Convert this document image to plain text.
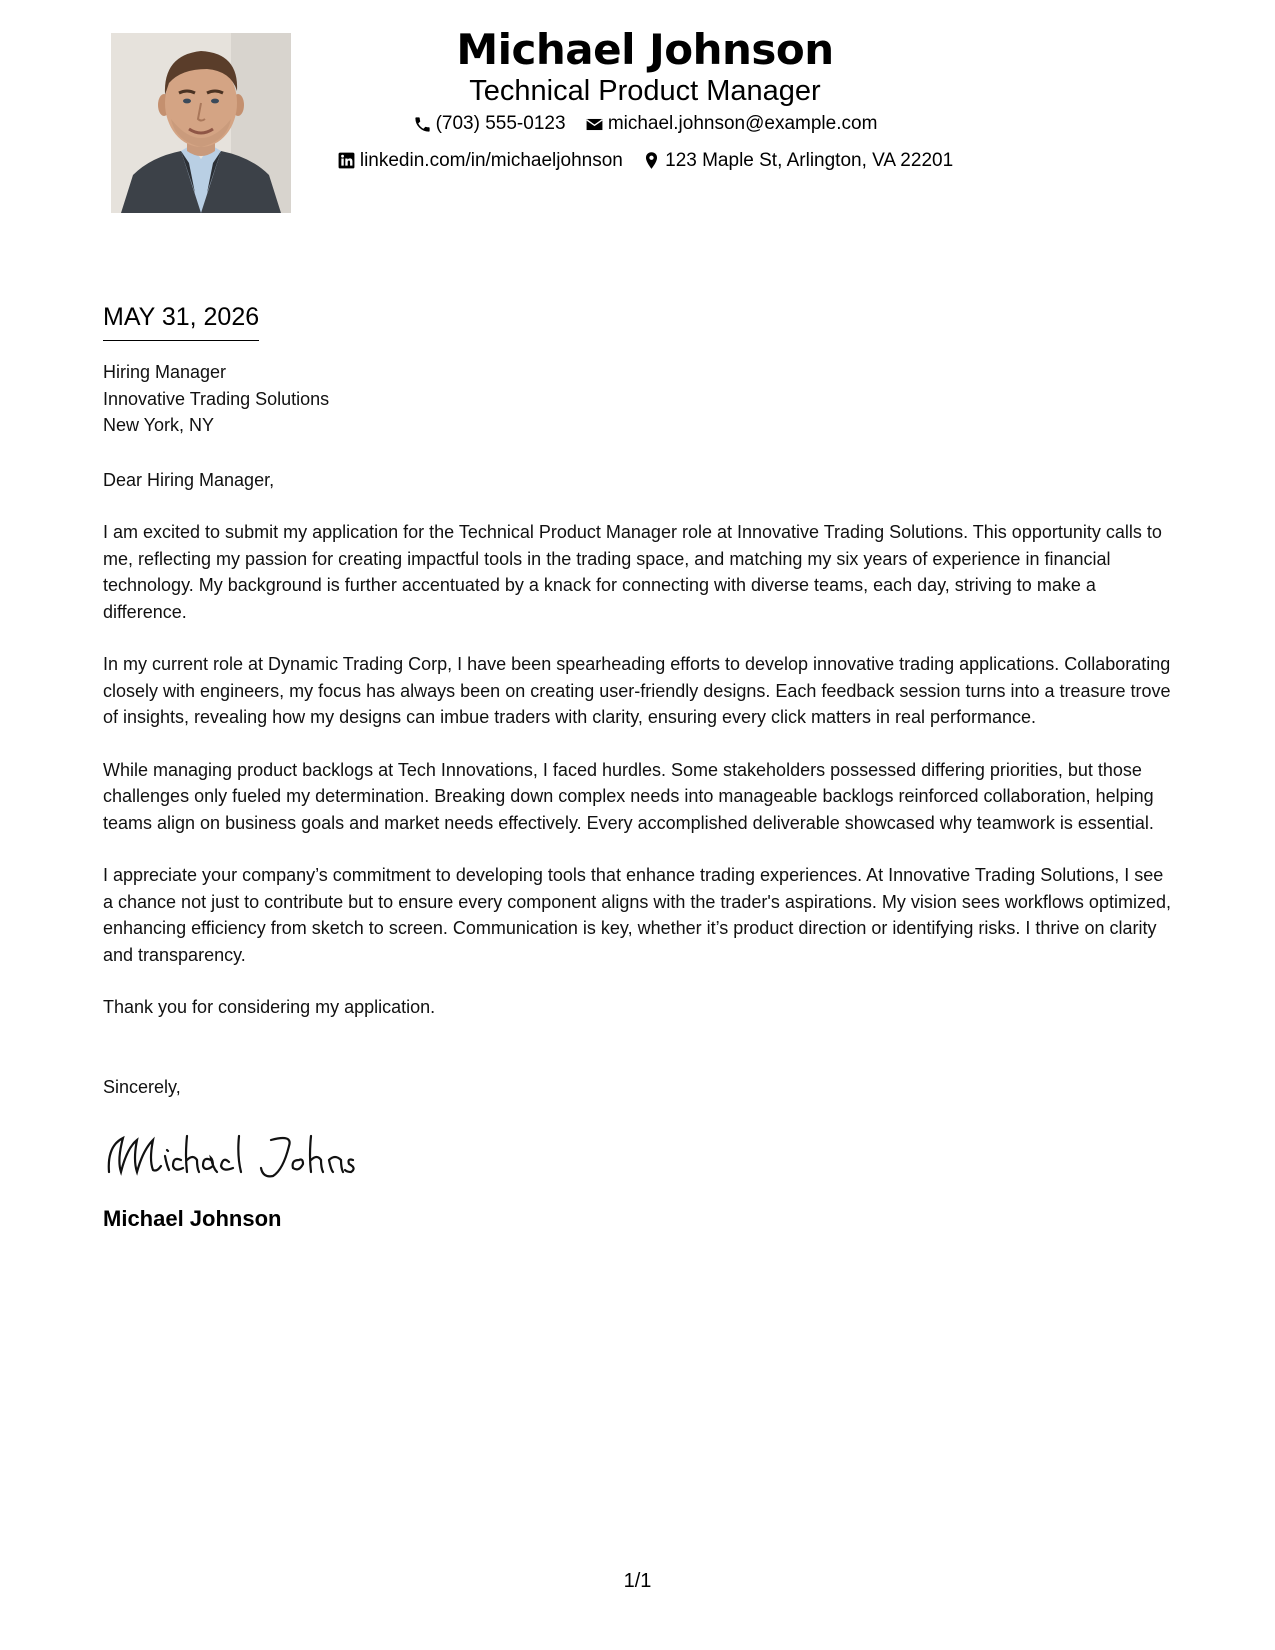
Michael Johnson
Technical Product Manager
(703) 555-0123
michael.johnson@example.com
linkedin.com/in/michaeljohnson
123 Maple St, Arlington, VA 22201
MAY 31, 2026
Hiring Manager
Innovative Trading Solutions
New York, NY
Dear Hiring Manager,
I am excited to submit my application for the Technical Product Manager role at Innovative Trading Solutions. This opportunity calls to me, reflecting my passion for creating impactful tools in the trading space, and matching my six years of experience in financial technology. My background is further accentuated by a knack for connecting with diverse teams, each day, striving to make a difference.
In my current role at Dynamic Trading Corp, I have been spearheading efforts to develop innovative trading applications. Collaborating closely with engineers, my focus has always been on creating user-friendly designs. Each feedback session turns into a treasure trove of insights, revealing how my designs can imbue traders with clarity, ensuring every click matters in real performance.
While managing product backlogs at Tech Innovations, I faced hurdles. Some stakeholders possessed differing priorities, but those challenges only fueled my determination. Breaking down complex needs into manageable backlogs reinforced collaboration, helping teams align on business goals and market needs effectively. Every accomplished deliverable showcased why teamwork is essential.
I appreciate your company’s commitment to developing tools that enhance trading experiences. At Innovative Trading Solutions, I see a chance not just to contribute but to ensure every component aligns with the trader's aspirations. My vision sees workflows optimized, enhancing efficiency from sketch to screen. Communication is key, whether it’s product direction or identifying risks. I thrive on clarity and transparency.
Thank you for considering my application.
Sincerely,
Michael Johnson
1/1
